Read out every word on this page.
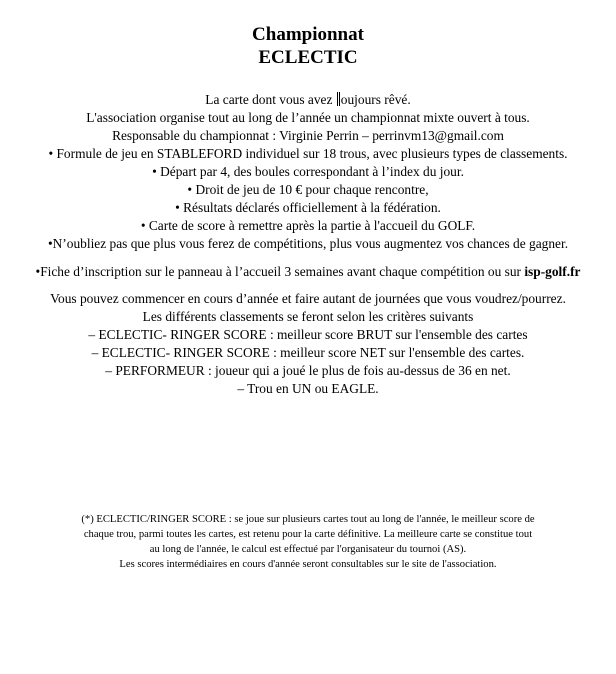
Championnat
ECLECTIC
La carte dont vous avez oujours rêvé.
L'association organise tout au long de l’année un championnat mixte ouvert à tous.
Responsable du championnat : Virginie Perrin – perrinvm13@gmail.com
• Formule de jeu en STABLEFORD individuel sur 18 trous, avec plusieurs types de classements.
• Départ par 4, des boules correspondant à l’index du jour.
• Droit de jeu de 10 € pour chaque rencontre,
• Résultats déclarés officiellement à la fédération.
• Carte de score à remettre après la partie à l'accueil du GOLF.
•N’oubliez pas que plus vous ferez de compétitions, plus vous augmentez vos chances de gagner.
•Fiche d’inscription sur le panneau à l’accueil 3 semaines avant chaque compétition ou sur isp-golf.fr
Vous pouvez commencer en cours d’année et faire autant de journées que vous voudrez/pourrez.
Les différents classements se feront selon les critères suivants
– ECLECTIC- RINGER SCORE : meilleur score BRUT sur l'ensemble des cartes
– ECLECTIC- RINGER SCORE : meilleur score NET sur l'ensemble des cartes.
– PERFORMEUR : joueur qui a joué le plus de fois au-dessus de 36 en net.
– Trou en UN ou EAGLE.
(*) ECLECTIC/RINGER SCORE : se joue sur plusieurs cartes tout au long de l'année, le meilleur score de
chaque trou, parmi toutes les cartes, est retenu pour la carte définitive. La meilleure carte se constitue tout
au long de l'année, le calcul est effectué par l'organisateur du tournoi (AS).
Les scores intermédiaires en cours d'année seront consultables sur le site de l'association.
